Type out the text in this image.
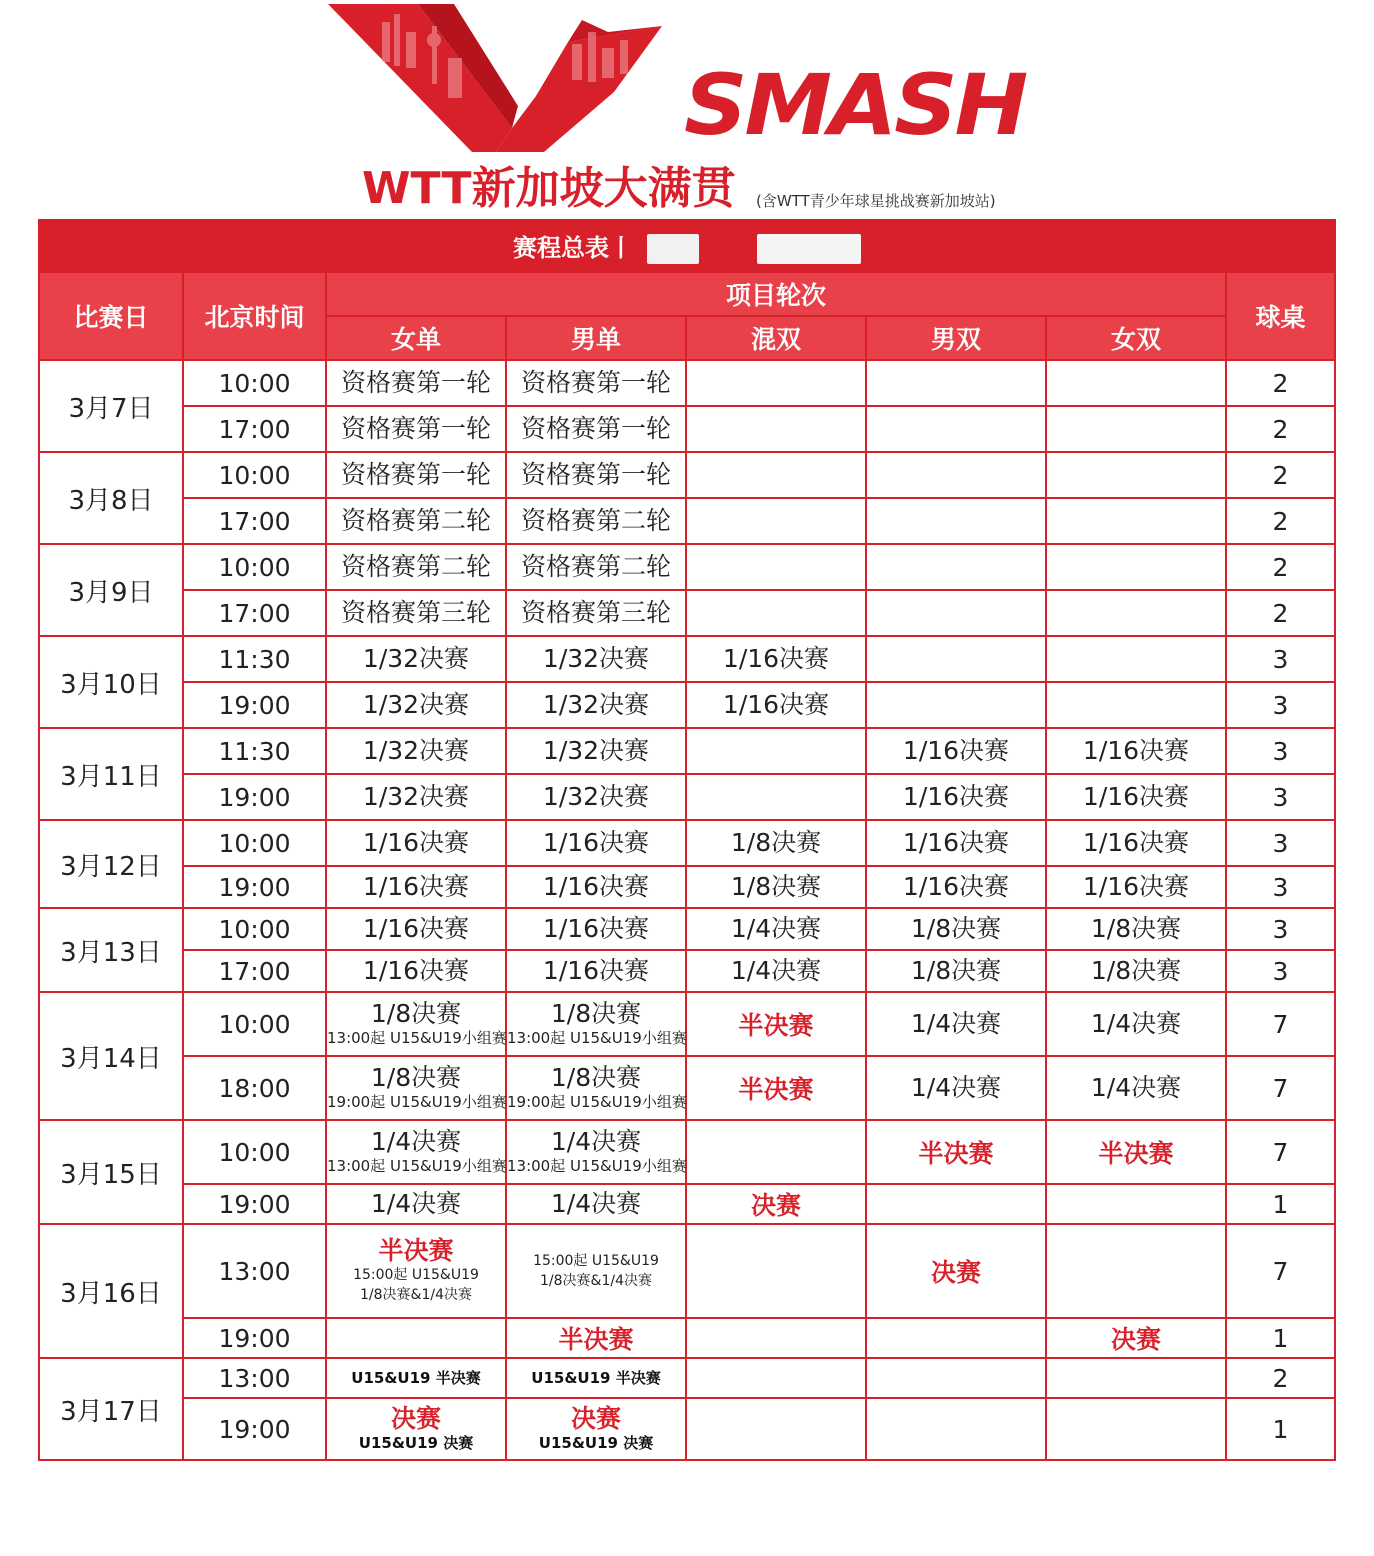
SMASH
WTT新加坡大满贯 (含WTT青少年球星挑战赛新加坡站)
赛程总表丨							
比赛日	北京时间	项目轮次					球桌
		女单	男单	混双	男双	女双	
3月7日	10:00	资格赛第一轮	资格赛第一轮				2
	17:00	资格赛第一轮	资格赛第一轮				2
3月8日	10:00	资格赛第一轮	资格赛第一轮				2
	17:00	资格赛第二轮	资格赛第二轮				2
3月9日	10:00	资格赛第二轮	资格赛第二轮				2
	17:00	资格赛第三轮	资格赛第三轮				2
3月10日	11:30	1/32决赛	1/32决赛	1/16决赛			3
	19:00	1/32决赛	1/32决赛	1/16决赛			3
3月11日	11:30	1/32决赛	1/32决赛		1/16决赛	1/16决赛	3
	19:00	1/32决赛	1/32决赛		1/16决赛	1/16决赛	3
3月12日	10:00	1/16决赛	1/16决赛	1/8决赛	1/16决赛	1/16决赛	3
	19:00	1/16决赛	1/16决赛	1/8决赛	1/16决赛	1/16决赛	3
3月13日	10:00	1/16决赛	1/16决赛	1/4决赛	1/8决赛	1/8决赛	3
	17:00	1/16决赛	1/16决赛	1/4决赛	1/8决赛	1/8决赛	3
3月14日	10:00	1/8决赛
13:00起 U15&U19小组赛	1/8决赛
13:00起 U15&U19小组赛	半决赛	1/4决赛	1/4决赛	7
	18:00	1/8决赛
19:00起 U15&U19小组赛	1/8决赛
19:00起 U15&U19小组赛	半决赛	1/4决赛	1/4决赛	7
3月15日	10:00	1/4决赛
13:00起 U15&U19小组赛	1/4决赛
13:00起 U15&U19小组赛		半决赛	半决赛	7
	19:00	1/4决赛	1/4决赛	决赛			1
3月16日	13:00	半决赛
15:00起 U15&U19
1/8决赛&1/4决赛	15:00起 U15&U19
1/8决赛&1/4决赛		决赛		7
	19:00		半决赛			决赛	1
3月17日	13:00	U15&U19 半决赛	U15&U19 半决赛				2
	19:00	决赛
U15&U19 决赛	决赛
U15&U19 决赛				1
